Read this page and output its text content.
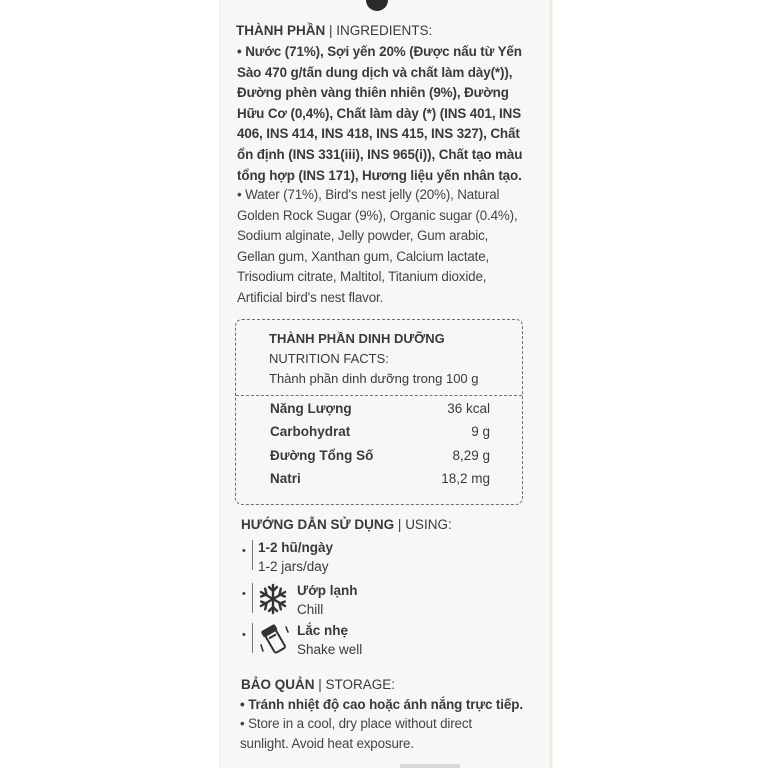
THÀNH PHẦN | INGREDIENTS:
• Nước (71%), Sợi yến 20% (Được nấu từ Yến
Sào 470 g/tấn dung dịch và chất làm dày(*)),
Đường phèn vàng thiên nhiên (9%), Đường
Hữu Cơ (0,4%), Chất làm dày (*) (INS 401, INS
406, INS 414, INS 418, INS 415, INS 327), Chất
ổn định (INS 331(iii), INS 965(i)), Chất tạo màu
tổng hợp (INS 171), Hương liệu yến nhân tạo.
• Water (71%), Bird's nest jelly (20%), Natural
Golden Rock Sugar (9%), Organic sugar (0.4%),
Sodium alginate, Jelly powder, Gum arabic,
Gellan gum, Xanthan gum, Calcium lactate,
Trisodium citrate, Maltitol, Titanium dioxide,
Artificial bird's nest flavor.
THÀNH PHẦN DINH DƯỠNG
NUTRITION FACTS:
Thành phần dinh dưỡng trong 100 g
Năng Lượng	36 kcal
Carbohydrat	9 g
Đường Tổng Số	8,29 g
Natri	18,2 mg
HƯỚNG DẪN SỬ DỤNG | USING:
• 1-2 hũ/ngày
1-2 jars/day
•	Ướp lạnh
Chill
•	Lắc nhẹ
Shake well
BẢO QUẢN | STORAGE:
• Tránh nhiệt độ cao hoặc ánh nắng trực tiếp.
• Store in a cool, dry place without direct
sunlight. Avoid heat exposure.
